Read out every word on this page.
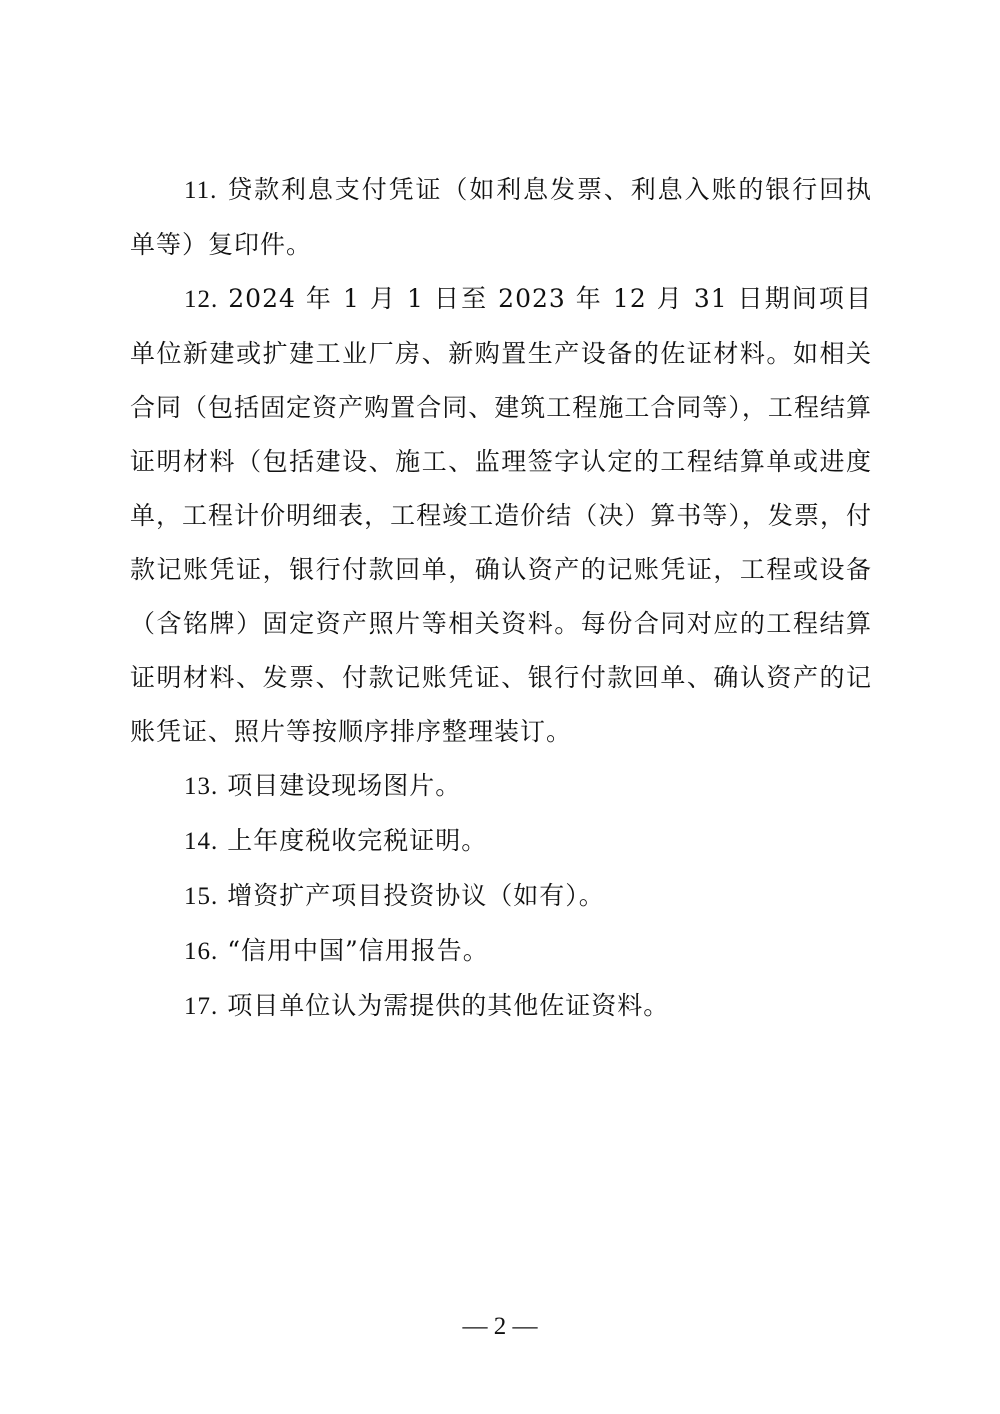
11. 贷款利息支付凭证（如利息发票、利息入账的银行回执单等）复印件。

12. 2024 年 1 月 1 日至 2023 年 12 月 31 日期间项目单位新建或扩建工业厂房、新购置生产设备的佐证材料。如相关合同（包括固定资产购置合同、建筑工程施工合同等），工程结算证明材料（包括建设、施工、监理签字认定的工程结算单或进度单，工程计价明细表，工程竣工造价结（决）算书等），发票，付款记账凭证，银行付款回单，确认资产的记账凭证，工程或设备（含铭牌）固定资产照片等相关资料。每份合同对应的工程结算证明材料、发票、付款记账凭证、银行付款回单、确认资产的记账凭证、照片等按顺序排序整理装订。

13. 项目建设现场图片。

14. 上年度税收完税证明。

15. 增资扩产项目投资协议（如有）。

16. “信用中国”信用报告。

17. 项目单位认为需提供的其他佐证资料。

— 2 —
